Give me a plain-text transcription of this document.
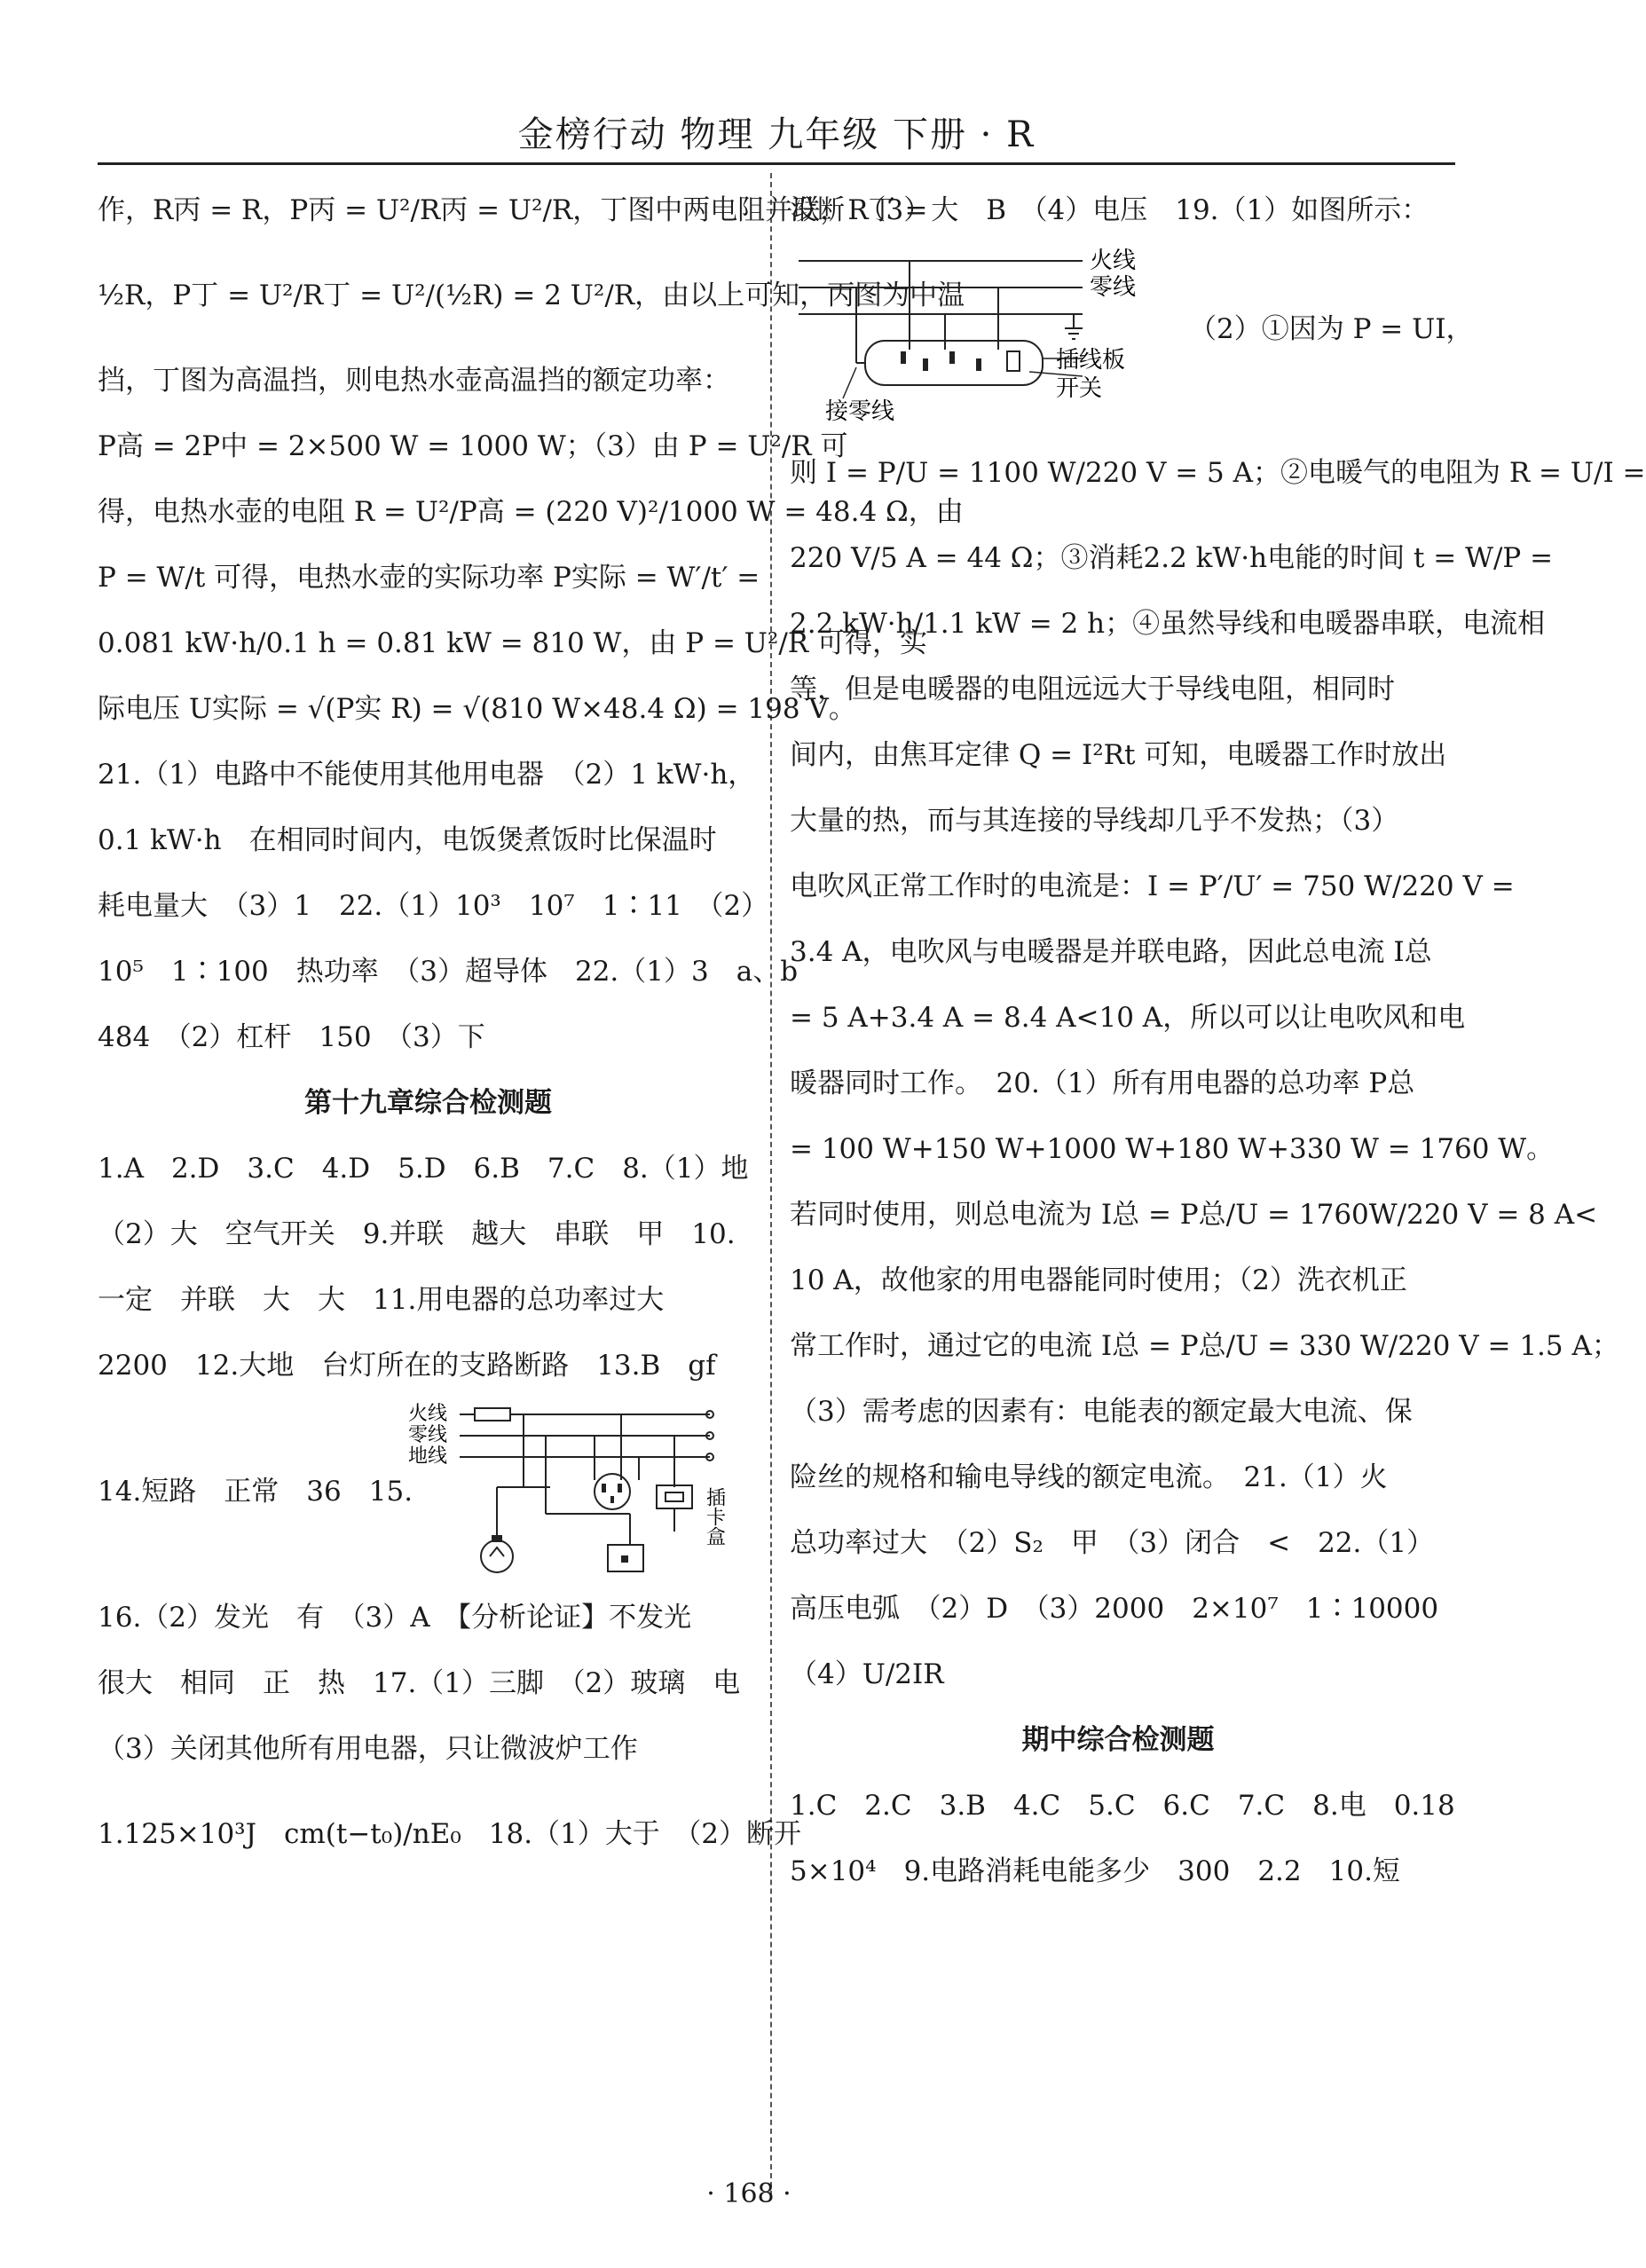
金榜行动 物理 九年级 下册 · R
作，R丙 = R，P丙 = U²/R丙 = U²/R，丁图中两电阻并联，R丁 =
½R，P丁 = U²/R丁 = U²/(½R) = 2 U²/R，由以上可知，丙图为中温
挡，丁图为高温挡，则电热水壶高温挡的额定功率：
P高 = 2P中 = 2×500 W = 1000 W；（3）由 P = U²/R 可
得，电热水壶的电阻 R = U²/P高 = (220 V)²/1000 W = 48.4 Ω，由
P = W/t 可得，电热水壶的实际功率 P实际 = W′/t′ =
0.081 kW·h/0.1 h = 0.81 kW = 810 W，由 P = U²/R 可得，实
际电压 U实际 = √(P实 R) = √(810 W×48.4 Ω) = 198 V。
21.（1）电路中不能使用其他用电器　（2）1 kW·h，
0.1 kW·h　在相同时间内，电饭煲煮饭时比保温时
耗电量大　（3）1　22.（1）10³　10⁷　1∶11　（2）
10⁵　1∶100　热功率　（3）超导体　22.（1）3　a、b
484　（2）杠杆　150　（3）下
第十九章综合检测题
1.A　2.D　3.C　4.D　5.D　6.B　7.C　8.（1）地
（2）大　空气开关　9.并联　越大　串联　甲　10.
一定　并联　大　大　11.用电器的总功率过大
2200　12.大地　台灯所在的支路断路　13.B　gf
14.短路　正常　36　15.
火线
零线
地线
插卡盒
16.（2）发光　有　（3）A　【分析论证】不发光
很大　相同　正　热　17.（1）三脚　（2）玻璃　电
（3）关闭其他所有用电器，只让微波炉工作
1.125×10³J　cm(t−t₀)/nE₀　18.（1）大于　（2）断开
没断　（3）大　B　（4）电压　19.（1）如图所示：
火线
零线
插线板
开关
接零线
（2）①因为 P = UI，
则 I = P/U = 1100 W/220 V = 5 A；②电暖气的电阻为 R = U/I =
220 V/5 A = 44 Ω；③消耗2.2 kW·h电能的时间 t = W/P =
2.2 kW·h/1.1 kW = 2 h；④虽然导线和电暖器串联，电流相
等，但是电暖器的电阻远远大于导线电阻，相同时
间内，由焦耳定律 Q = I²Rt 可知，电暖器工作时放出
大量的热，而与其连接的导线却几乎不发热；（3）
电吹风正常工作时的电流是：I = P′/U′ = 750 W/220 V =
3.4 A，电吹风与电暖器是并联电路，因此总电流 I总
= 5 A+3.4 A = 8.4 A<10 A，所以可以让电吹风和电
暖器同时工作。　20.（1）所有用电器的总功率 P总
= 100 W+150 W+1000 W+180 W+330 W = 1760 W。
若同时使用，则总电流为 I总 = P总/U = 1760W/220 V = 8 A<
10 A，故他家的用电器能同时使用；（2）洗衣机正
常工作时，通过它的电流 I总 = P总/U = 330 W/220 V = 1.5 A；
（3）需考虑的因素有：电能表的额定最大电流、保
险丝的规格和输电导线的额定电流。　21.（1）火
总功率过大　（2）S₂　甲　（3）闭合　<　22.（1）
高压电弧　（2）D　（3）2000　2×10⁷　1∶10000
（4）U/2IR
期中综合检测题
1.C　2.C　3.B　4.C　5.C　6.C　7.C　8.电　0.18
5×10⁴　9.电路消耗电能多少　300　2.2　10.短
· 168 ·
